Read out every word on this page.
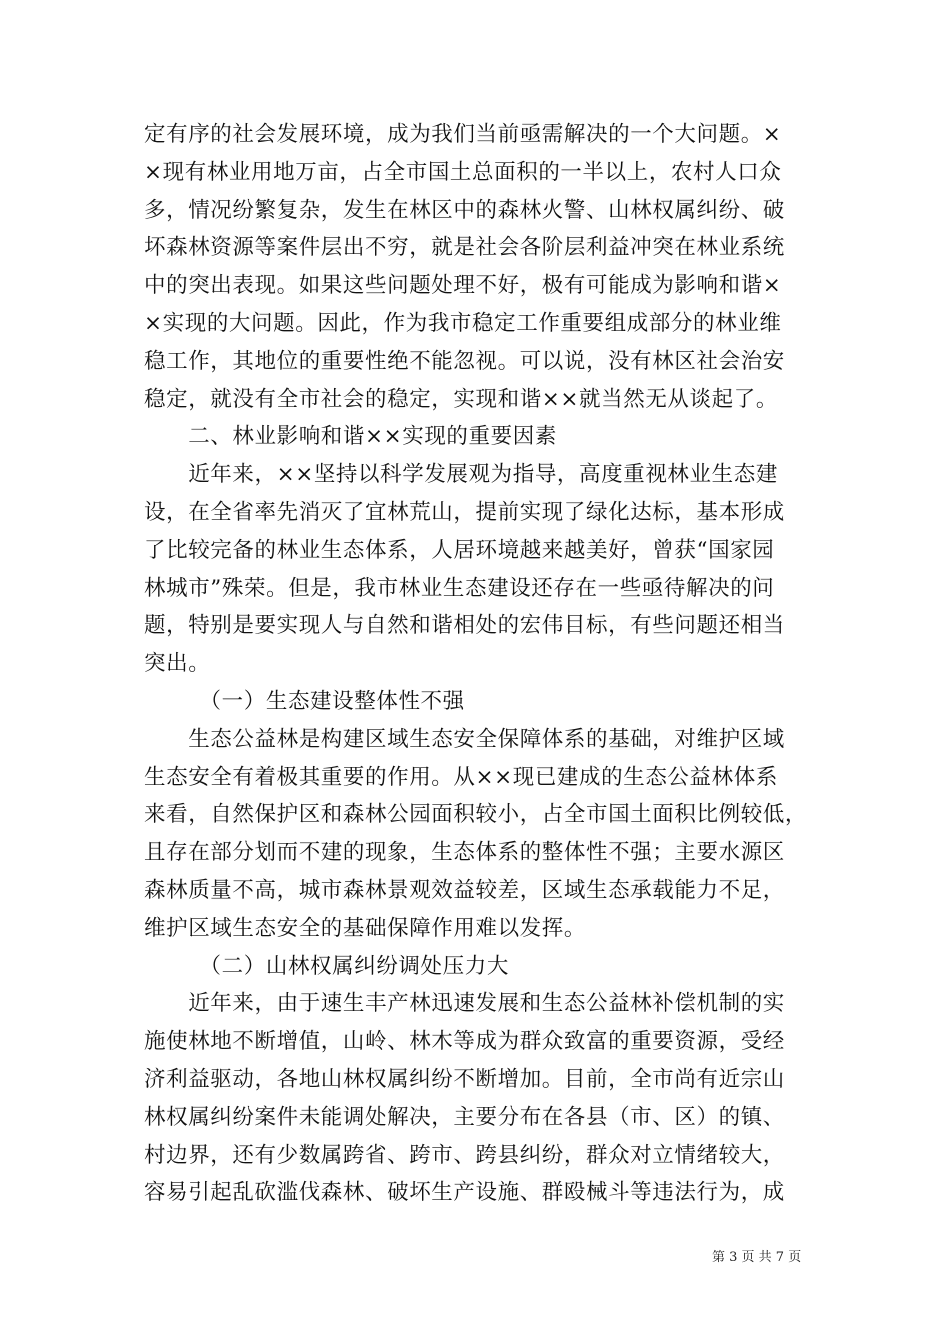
定有序的社会发展环境，成为我们当前亟需解决的一个大问题。×
×现有林业用地万亩，占全市国土总面积的一半以上，农村人口众
多，情况纷繁复杂，发生在林区中的森林火警、山林权属纠纷、破
坏森林资源等案件层出不穷，就是社会各阶层利益冲突在林业系统
中的突出表现。如果这些问题处理不好，极有可能成为影响和谐×
×实现的大问题。因此，作为我市稳定工作重要组成部分的林业维
稳工作，其地位的重要性绝不能忽视。可以说，没有林区社会治安
稳定，就没有全市社会的稳定，实现和谐××就当然无从谈起了。
　　二、林业影响和谐××实现的重要因素
　　近年来，××坚持以科学发展观为指导，高度重视林业生态建
设，在全省率先消灭了宜林荒山，提前实现了绿化达标，基本形成
了比较完备的林业生态体系，人居环境越来越美好，曾获“国家园
林城市”殊荣。但是，我市林业生态建设还存在一些亟待解决的问
题，特别是要实现人与自然和谐相处的宏伟目标，有些问题还相当
突出。
　　　（一）生态建设整体性不强
　　生态公益林是构建区域生态安全保障体系的基础，对维护区域
生态安全有着极其重要的作用。从××现已建成的生态公益林体系
来看，自然保护区和森林公园面积较小，占全市国土面积比例较低，
且存在部分划而不建的现象，生态体系的整体性不强；主要水源区
森林质量不高，城市森林景观效益较差，区域生态承载能力不足，
维护区域生态安全的基础保障作用难以发挥。
　　　（二）山林权属纠纷调处压力大
　　近年来，由于速生丰产林迅速发展和生态公益林补偿机制的实
施使林地不断增值，山岭、林木等成为群众致富的重要资源，受经
济利益驱动，各地山林权属纠纷不断增加。目前，全市尚有近宗山
林权属纠纷案件未能调处解决，主要分布在各县（市、区）的镇、
村边界，还有少数属跨省、跨市、跨县纠纷，群众对立情绪较大，
容易引起乱砍滥伐森林、破坏生产设施、群殴械斗等违法行为，成
第 3 页 共 7 页
